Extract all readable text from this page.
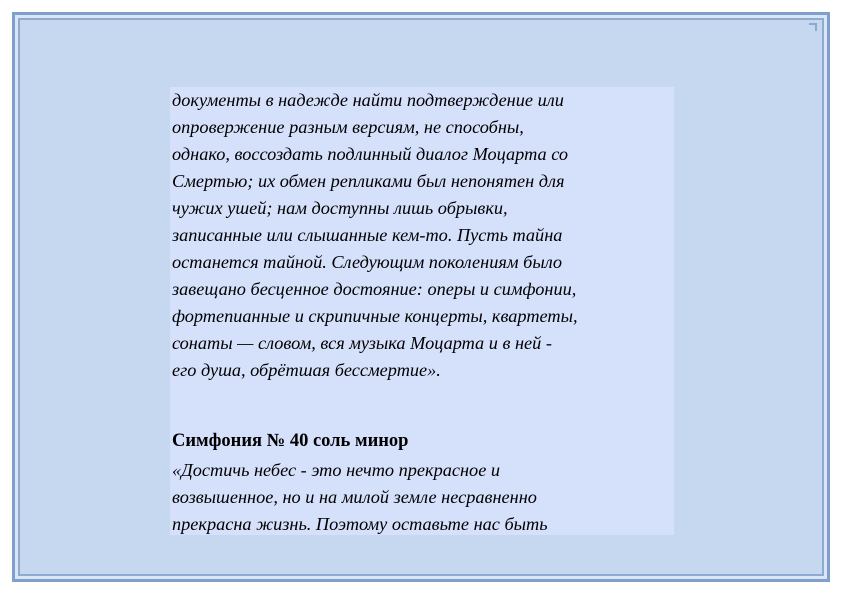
документы в надежде найти подтверждение или
опровержение разным версиям, не способны,
однако, воссоздать подлинный диалог Моцарта со
Смертью; их обмен репликами был непонятен для
чужих ушей; нам доступны лишь обрывки,
записанные или слышанные кем-то. Пусть тайна
останется тайной. Следующим поколениям было
завещано бесценное достояние: оперы и симфонии,
фортепианные и скрипичные концерты, квартеты,
сонаты — словом, вся музыка Моцарта и в ней -
его душа, обрётшая бессмертие».

Симфония № 40 соль минор

«Достичь небес - это нечто прекрасное и
возвышенное, но и на милой земле несравненно
прекрасна жизнь. Поэтому оставьте нас быть
